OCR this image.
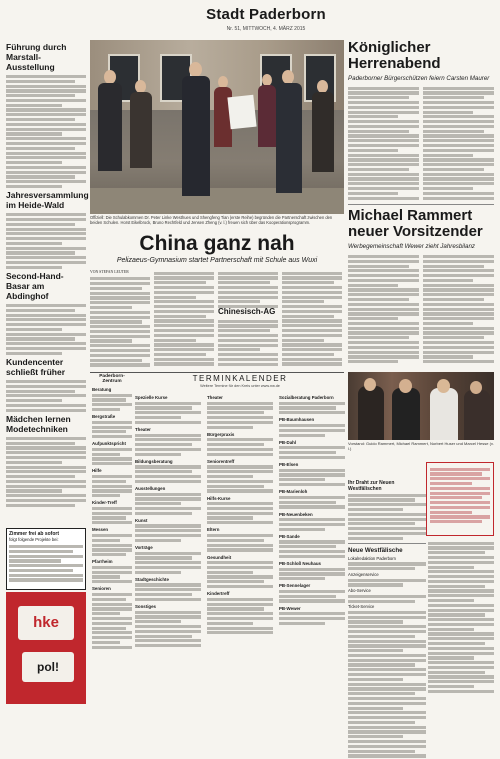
Stadt Paderborn
Nr. 51, MITTWOCH, 4. MÄRZ 2015
Führung durch Marstall-Ausstellung
Jahresversammlung im Heide-Wald
Second-Hand-Basar am Abdinghof
Kundencenter schließt früher
Mädchen lernen Modetechniken
Zimmer frei ab sofort
folgt folgende Projekte bei:
hke
pol!
Offiziell: Die Schulabkommen Dr. Peter Linke Westhues und Shengfeng Tian (erste Reihe) begründen die Partnerschaft zwischen den beiden Schulen. Horst Eikelbrock, Bruno Rechtfeld und Jensen Zheng (v. l.) freuen sich über das Kooperationsprogramm.
China ganz nah
Pelizaeus-Gymnasium startet Partnerschaft mit Schule aus Wuxi
VON STEFAN LEUTER
Chinesisch-AG
Paderborn-Zentrum
Beratung
Bergstraße
Aufpunktspricht
Hilfe
Kinder-Treff
Messen
Pfarrheim
Senioren
TERMINKALENDER
Weitere Termine für den Kreis unter www.nw.de
Spezielle Kurse
Theater
Bildungsberatung
Ausstellungen
Kunst
Vorträge
Stadtgeschichte
Sonstiges
Theater
Bürgerpraxis
Seniorentreff
Hilfs-Kurse
Eltern
Gesundheit
Kindertreff
Sozialberatung Paderborn
PB-Baumhausen
PB-Dahl
PB-Elsen
PB-Marienloh
PB-Neuenbeken
PB-Sande
PB-Schloß Neuhaus
PB-Sennelager
PB-Wewer
Königlicher Herrenabend
Paderborner Bürgerschützen feiern Carsten Maurer
Michael Rammert neuer Vorsitzender
Werbegemeinschaft Wewer zieht Jahresbilanz
Vorstand: Guido Rammert, Michael Rammert, Norbert Huser und Marcel Hesse (v. l.)
Ihr Draht zur Neuen Westfälischen
Neue Westfälische
Lokalredaktion Paderborn
Anzeigenservice
Abo-Service
Ticket-Service
